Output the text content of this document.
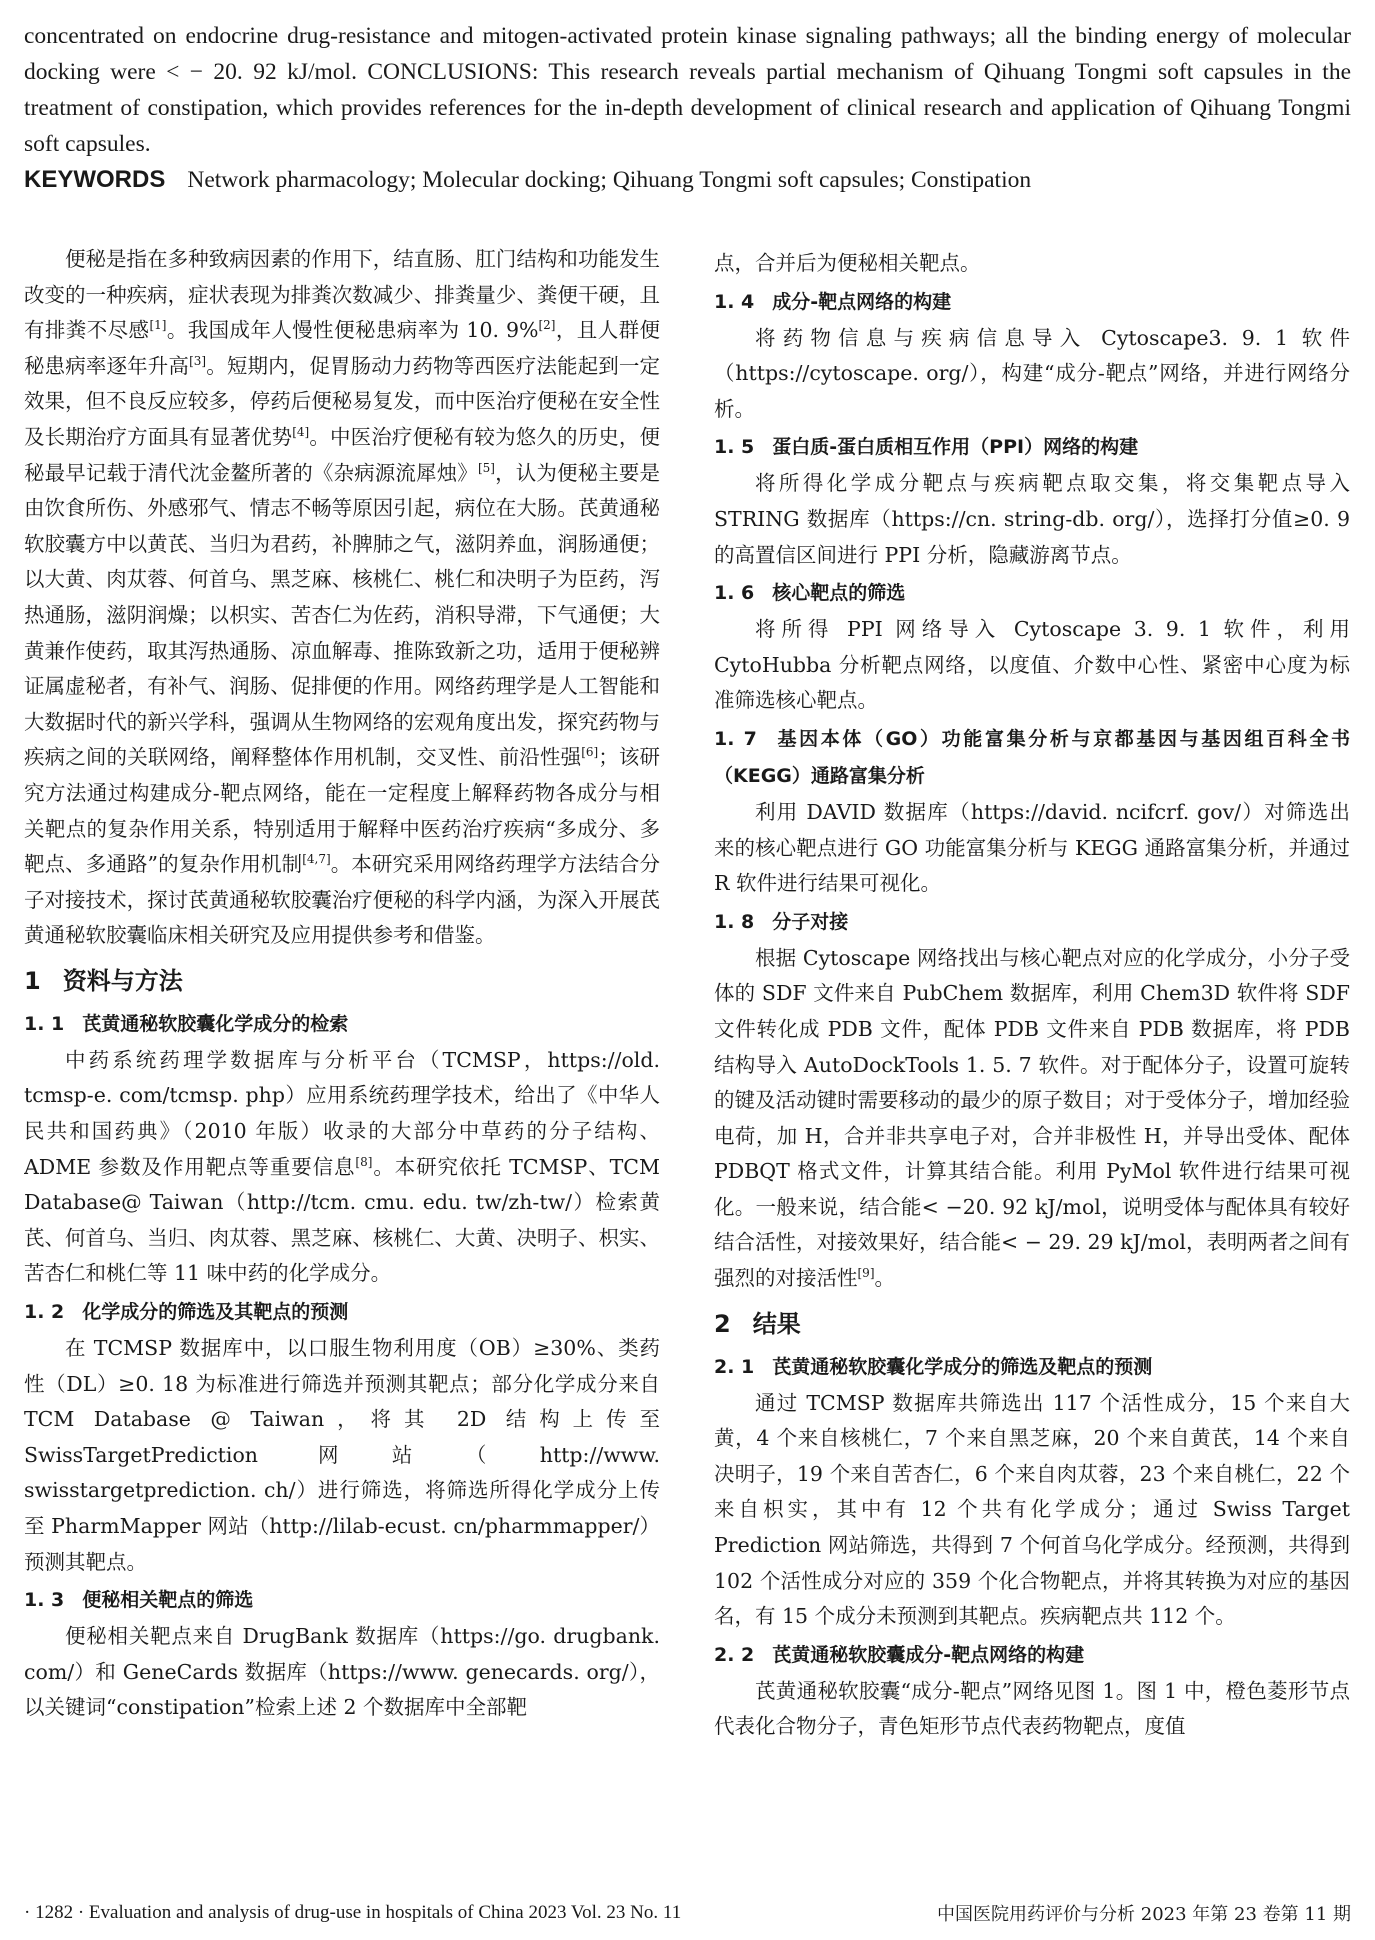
concentrated on endocrine drug-resistance and mitogen-activated protein kinase signaling pathways; all the binding energy of molecular docking were < − 20. 92 kJ/mol. CONCLUSIONS: This research reveals partial mechanism of Qihuang Tongmi soft capsules in the treatment of constipation, which provides references for the in-depth development of clinical research and application of Qihuang Tongmi soft capsules.

KEYWORDS Network pharmacology; Molecular docking; Qihuang Tongmi soft capsules; Constipation

便秘是指在多种致病因素的作用下，结直肠、肛门结构和功能发生改变的一种疾病，症状表现为排粪次数减少、排粪量少、粪便干硬，且有排粪不尽感[1]。我国成年人慢性便秘患病率为 10. 9%[2]，且人群便秘患病率逐年升高[3]。短期内，促胃肠动力药物等西医疗法能起到一定效果，但不良反应较多，停药后便秘易复发，而中医治疗便秘在安全性及长期治疗方面具有显著优势[4]。中医治疗便秘有较为悠久的历史，便秘最早记载于清代沈金鳌所著的《杂病源流犀烛》[5]，认为便秘主要是由饮食所伤、外感邪气、情志不畅等原因引起，病位在大肠。芪黄通秘软胶囊方中以黄芪、当归为君药，补脾肺之气，滋阴养血，润肠通便；以大黄、肉苁蓉、何首乌、黑芝麻、核桃仁、桃仁和决明子为臣药，泻热通肠，滋阴润燥；以枳实、苦杏仁为佐药，消积导滞，下气通便；大黄兼作使药，取其泻热通肠、凉血解毒、推陈致新之功，适用于便秘辨证属虚秘者，有补气、润肠、促排便的作用。网络药理学是人工智能和大数据时代的新兴学科，强调从生物网络的宏观角度出发，探究药物与疾病之间的关联网络，阐释整体作用机制，交叉性、前沿性强[6]；该研究方法通过构建成分-靶点网络，能在一定程度上解释药物各成分与相关靶点的复杂作用关系，特别适用于解释中医药治疗疾病“多成分、多靶点、多通路”的复杂作用机制[4,7]。本研究采用网络药理学方法结合分子对接技术，探讨芪黄通秘软胶囊治疗便秘的科学内涵，为深入开展芪黄通秘软胶囊临床相关研究及应用提供参考和借鉴。

1 资料与方法
1. 1 芪黄通秘软胶囊化学成分的检索

中药系统药理学数据库与分析平台（TCMSP，https://old. tcmsp-e. com/tcmsp. php）应用系统药理学技术，给出了《中华人民共和国药典》（2010 年版）收录的大部分中草药的分子结构、ADME 参数及作用靶点等重要信息[8]。本研究依托 TCMSP、TCM Database@ Taiwan（http://tcm. cmu. edu. tw/zh-tw/）检索黄芪、何首乌、当归、肉苁蓉、黑芝麻、核桃仁、大黄、决明子、枳实、苦杏仁和桃仁等 11 味中药的化学成分。

1. 2 化学成分的筛选及其靶点的预测

在 TCMSP 数据库中，以口服生物利用度（OB）≥30%、类药性（DL）≥0. 18 为标准进行筛选并预测其靶点；部分化学成分来自 TCM Database @ Taiwan，将其 2D 结构上传至 SwissTargetPrediction 网站（http://www. swisstargetprediction. ch/）进行筛选，将筛选所得化学成分上传至 PharmMapper 网站（http://lilab-ecust. cn/pharmmapper/）预测其靶点。

1. 3 便秘相关靶点的筛选

便秘相关靶点来自 DrugBank 数据库（https://go. drugbank. com/）和 GeneCards 数据库（https://www. genecards. org/），以关键词“constipation”检索上述 2 个数据库中全部靶

点，合并后为便秘相关靶点。

1. 4 成分-靶点网络的构建

将药物信息与疾病信息导入 Cytoscape3. 9. 1 软件（https://cytoscape. org/），构建“成分-靶点”网络，并进行网络分析。

1. 5 蛋白质-蛋白质相互作用（PPI）网络的构建

将所得化学成分靶点与疾病靶点取交集，将交集靶点导入 STRING 数据库（https://cn. string-db. org/），选择打分值≥0. 9 的高置信区间进行 PPI 分析，隐藏游离节点。

1. 6 核心靶点的筛选

将所得 PPI 网络导入 Cytoscape 3. 9. 1 软件，利用 CytoHubba 分析靶点网络，以度值、介数中心性、紧密中心度为标准筛选核心靶点。

1. 7 基因本体（GO）功能富集分析与京都基因与基因组百科全书（KEGG）通路富集分析

利用 DAVID 数据库（https://david. ncifcrf. gov/）对筛选出来的核心靶点进行 GO 功能富集分析与 KEGG 通路富集分析，并通过 R 软件进行结果可视化。

1. 8 分子对接

根据 Cytoscape 网络找出与核心靶点对应的化学成分，小分子受体的 SDF 文件来自 PubChem 数据库，利用 Chem3D 软件将 SDF 文件转化成 PDB 文件，配体 PDB 文件来自 PDB 数据库，将 PDB 结构导入 AutoDockTools 1. 5. 7 软件。对于配体分子，设置可旋转的键及活动键时需要移动的最少的原子数目；对于受体分子，增加经验电荷，加 H，合并非共享电子对，合并非极性 H，并导出受体、配体 PDBQT 格式文件，计算其结合能。利用 PyMol 软件进行结果可视化。一般来说，结合能< −20. 92 kJ/mol，说明受体与配体具有较好结合活性，对接效果好，结合能< − 29. 29 kJ/mol，表明两者之间有强烈的对接活性[9]。

2 结果
2. 1 芪黄通秘软胶囊化学成分的筛选及靶点的预测

通过 TCMSP 数据库共筛选出 117 个活性成分，15 个来自大黄，4 个来自核桃仁，7 个来自黑芝麻，20 个来自黄芪，14 个来自决明子，19 个来自苦杏仁，6 个来自肉苁蓉，23 个来自桃仁，22 个来自枳实，其中有 12 个共有化学成分；通过 Swiss Target Prediction 网站筛选，共得到 7 个何首乌化学成分。经预测，共得到 102 个活性成分对应的 359 个化合物靶点，并将其转换为对应的基因名，有 15 个成分未预测到其靶点。疾病靶点共 112 个。

2. 2 芪黄通秘软胶囊成分-靶点网络的构建

芪黄通秘软胶囊“成分-靶点”网络见图 1。图 1 中，橙色菱形节点代表化合物分子，青色矩形节点代表药物靶点，度值

· 1282 · Evaluation and analysis of drug-use in hospitals of China 2023 Vol. 23 No. 11	中国医院用药评价与分析 2023 年第 23 卷第 11 期
